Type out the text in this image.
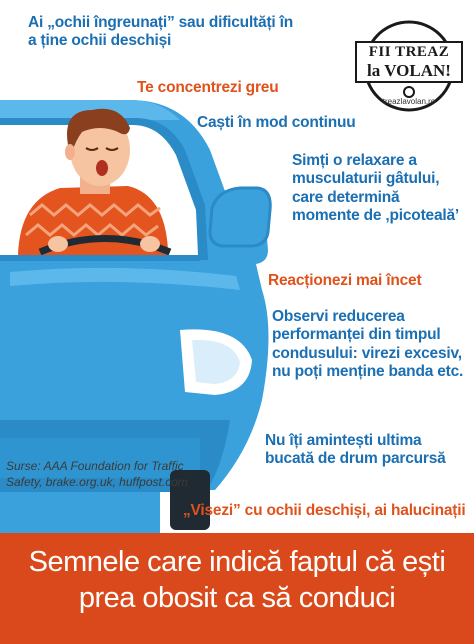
FII TREAZ
la VOLAN!
treazlavolan.ro
Ai „ochii îngreunați” sau dificultăți în
a ține ochii deschiși
Te concentrezi greu
Caști în mod continuu
Simți o relaxare a
musculaturii gâtului,
care determină
momente de ‚picoteală’
Reacționezi mai încet
Observi reducerea
performanței din timpul
condusului: virezi excesiv,
nu poți menține banda etc.
Nu îți amintești ultima
bucată de drum parcursă
„Visezi” cu ochii deschiși, ai halucinații
Surse: AAA Foundation for Traffic
Safety, brake.org.uk, huffpost.com
Semnele care indică faptul că ești
prea obosit ca să conduci
